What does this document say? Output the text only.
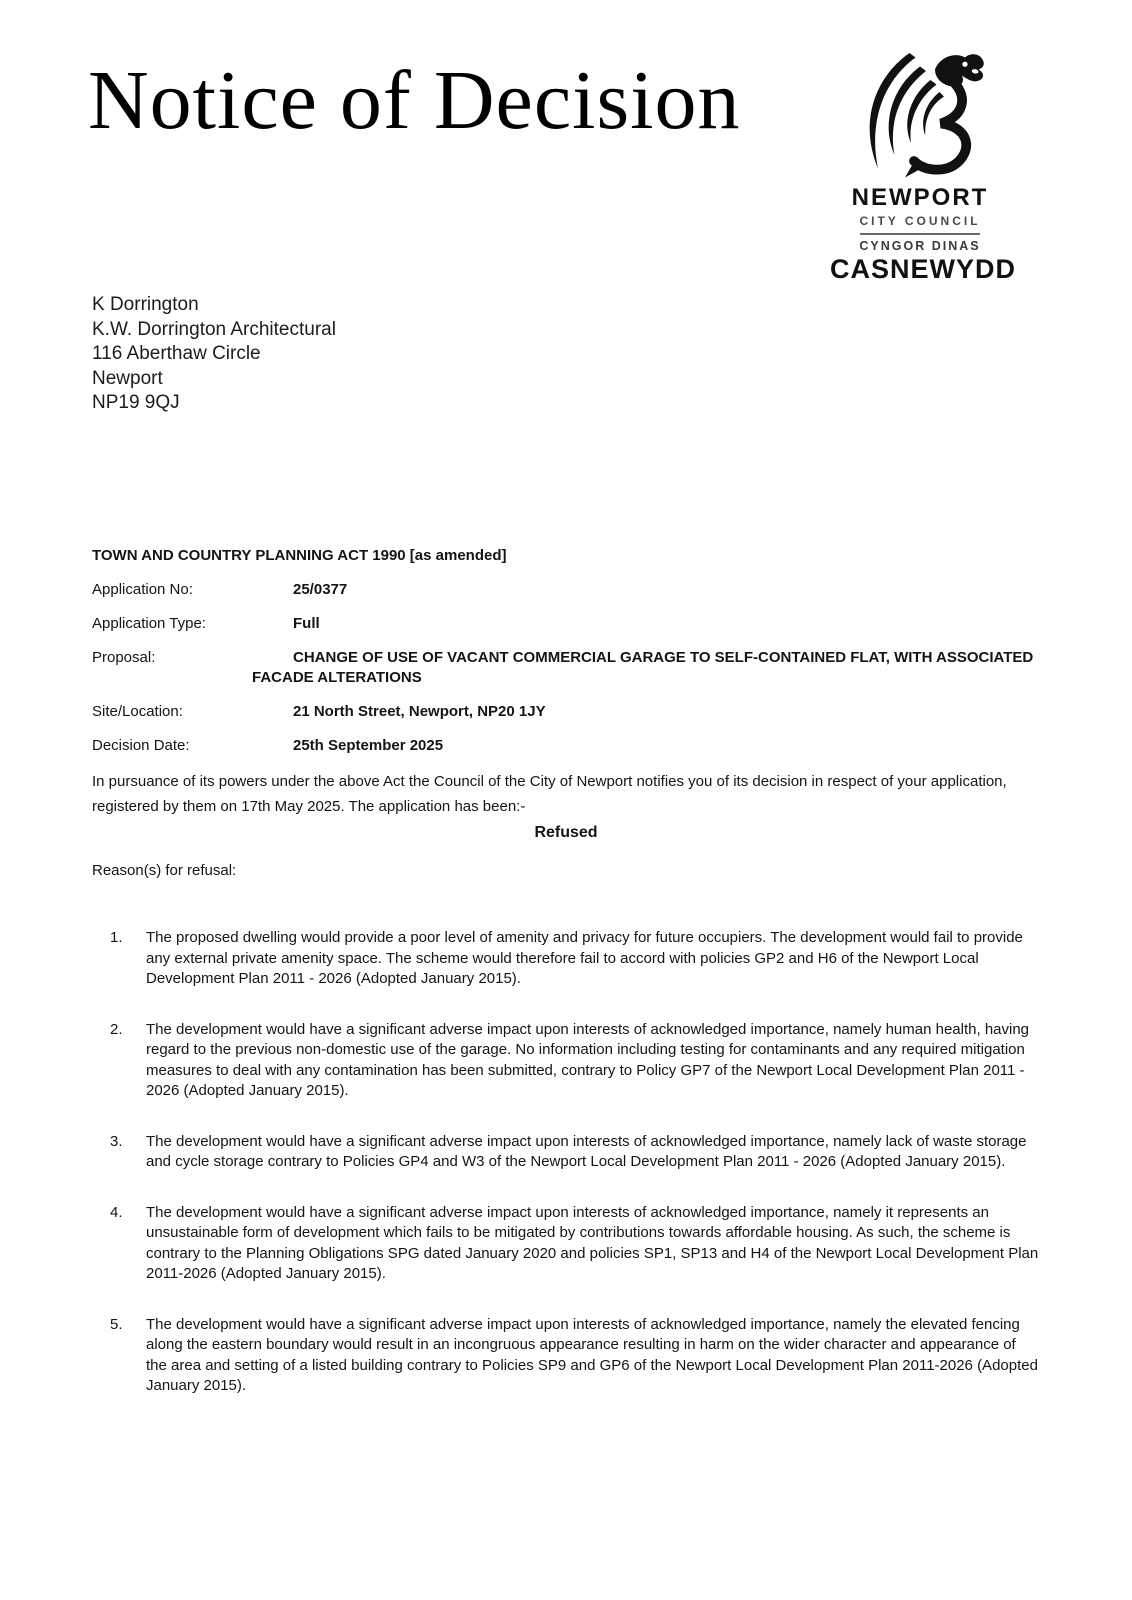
Notice of Decision
NEWPORT
CITY COUNCIL
CYNGOR DINAS
CASNEWYDD
K Dorrington
K.W. Dorrington Architectural
116 Aberthaw Circle
Newport
NP19 9QJ
TOWN AND COUNTRY PLANNING ACT 1990 [as amended]
Application No:	25/0377
Application Type:	Full
Proposal:	CHANGE OF USE OF VACANT COMMERCIAL GARAGE TO SELF-CONTAINED FLAT, WITH ASSOCIATED FACADE ALTERATIONS
Site/Location:	21 North Street, Newport, NP20 1JY
Decision Date:	25th September 2025

In pursuance of its powers under the above Act the Council of the City of Newport notifies you of its decision in respect of your application, registered by them on 17th May 2025. The application has been:-

Refused
Reason(s) for refusal:
1.	The proposed dwelling would provide a poor level of amenity and privacy for future occupiers. The development would fail to provide any external private amenity space. The scheme would therefore fail to accord with policies GP2 and H6 of the Newport Local Development Plan 2011 - 2026 (Adopted January 2015).
2.	The development would have a significant adverse impact upon interests of acknowledged importance, namely human health, having regard to the previous non-domestic use of the garage. No information including testing for contaminants and any required mitigation measures to deal with any contamination has been submitted, contrary to Policy GP7 of the Newport Local Development Plan 2011 - 2026 (Adopted January 2015).
3.	The development would have a significant adverse impact upon interests of acknowledged importance, namely lack of waste storage and cycle storage contrary to Policies GP4 and W3 of the Newport Local Development Plan 2011 - 2026 (Adopted January 2015).
4.	The development would have a significant adverse impact upon interests of acknowledged importance, namely it represents an unsustainable form of development which fails to be mitigated by contributions towards affordable housing. As such, the scheme is contrary to the Planning Obligations SPG dated January 2020 and policies SP1, SP13 and H4 of the Newport Local Development Plan 2011-2026 (Adopted January 2015).
5.	The development would have a significant adverse impact upon interests of acknowledged importance, namely the elevated fencing along the eastern boundary would result in an incongruous appearance resulting in harm on the wider character and appearance of the area and setting of a listed building contrary to Policies SP9 and GP6 of the Newport Local Development Plan 2011-2026 (Adopted January 2015).
